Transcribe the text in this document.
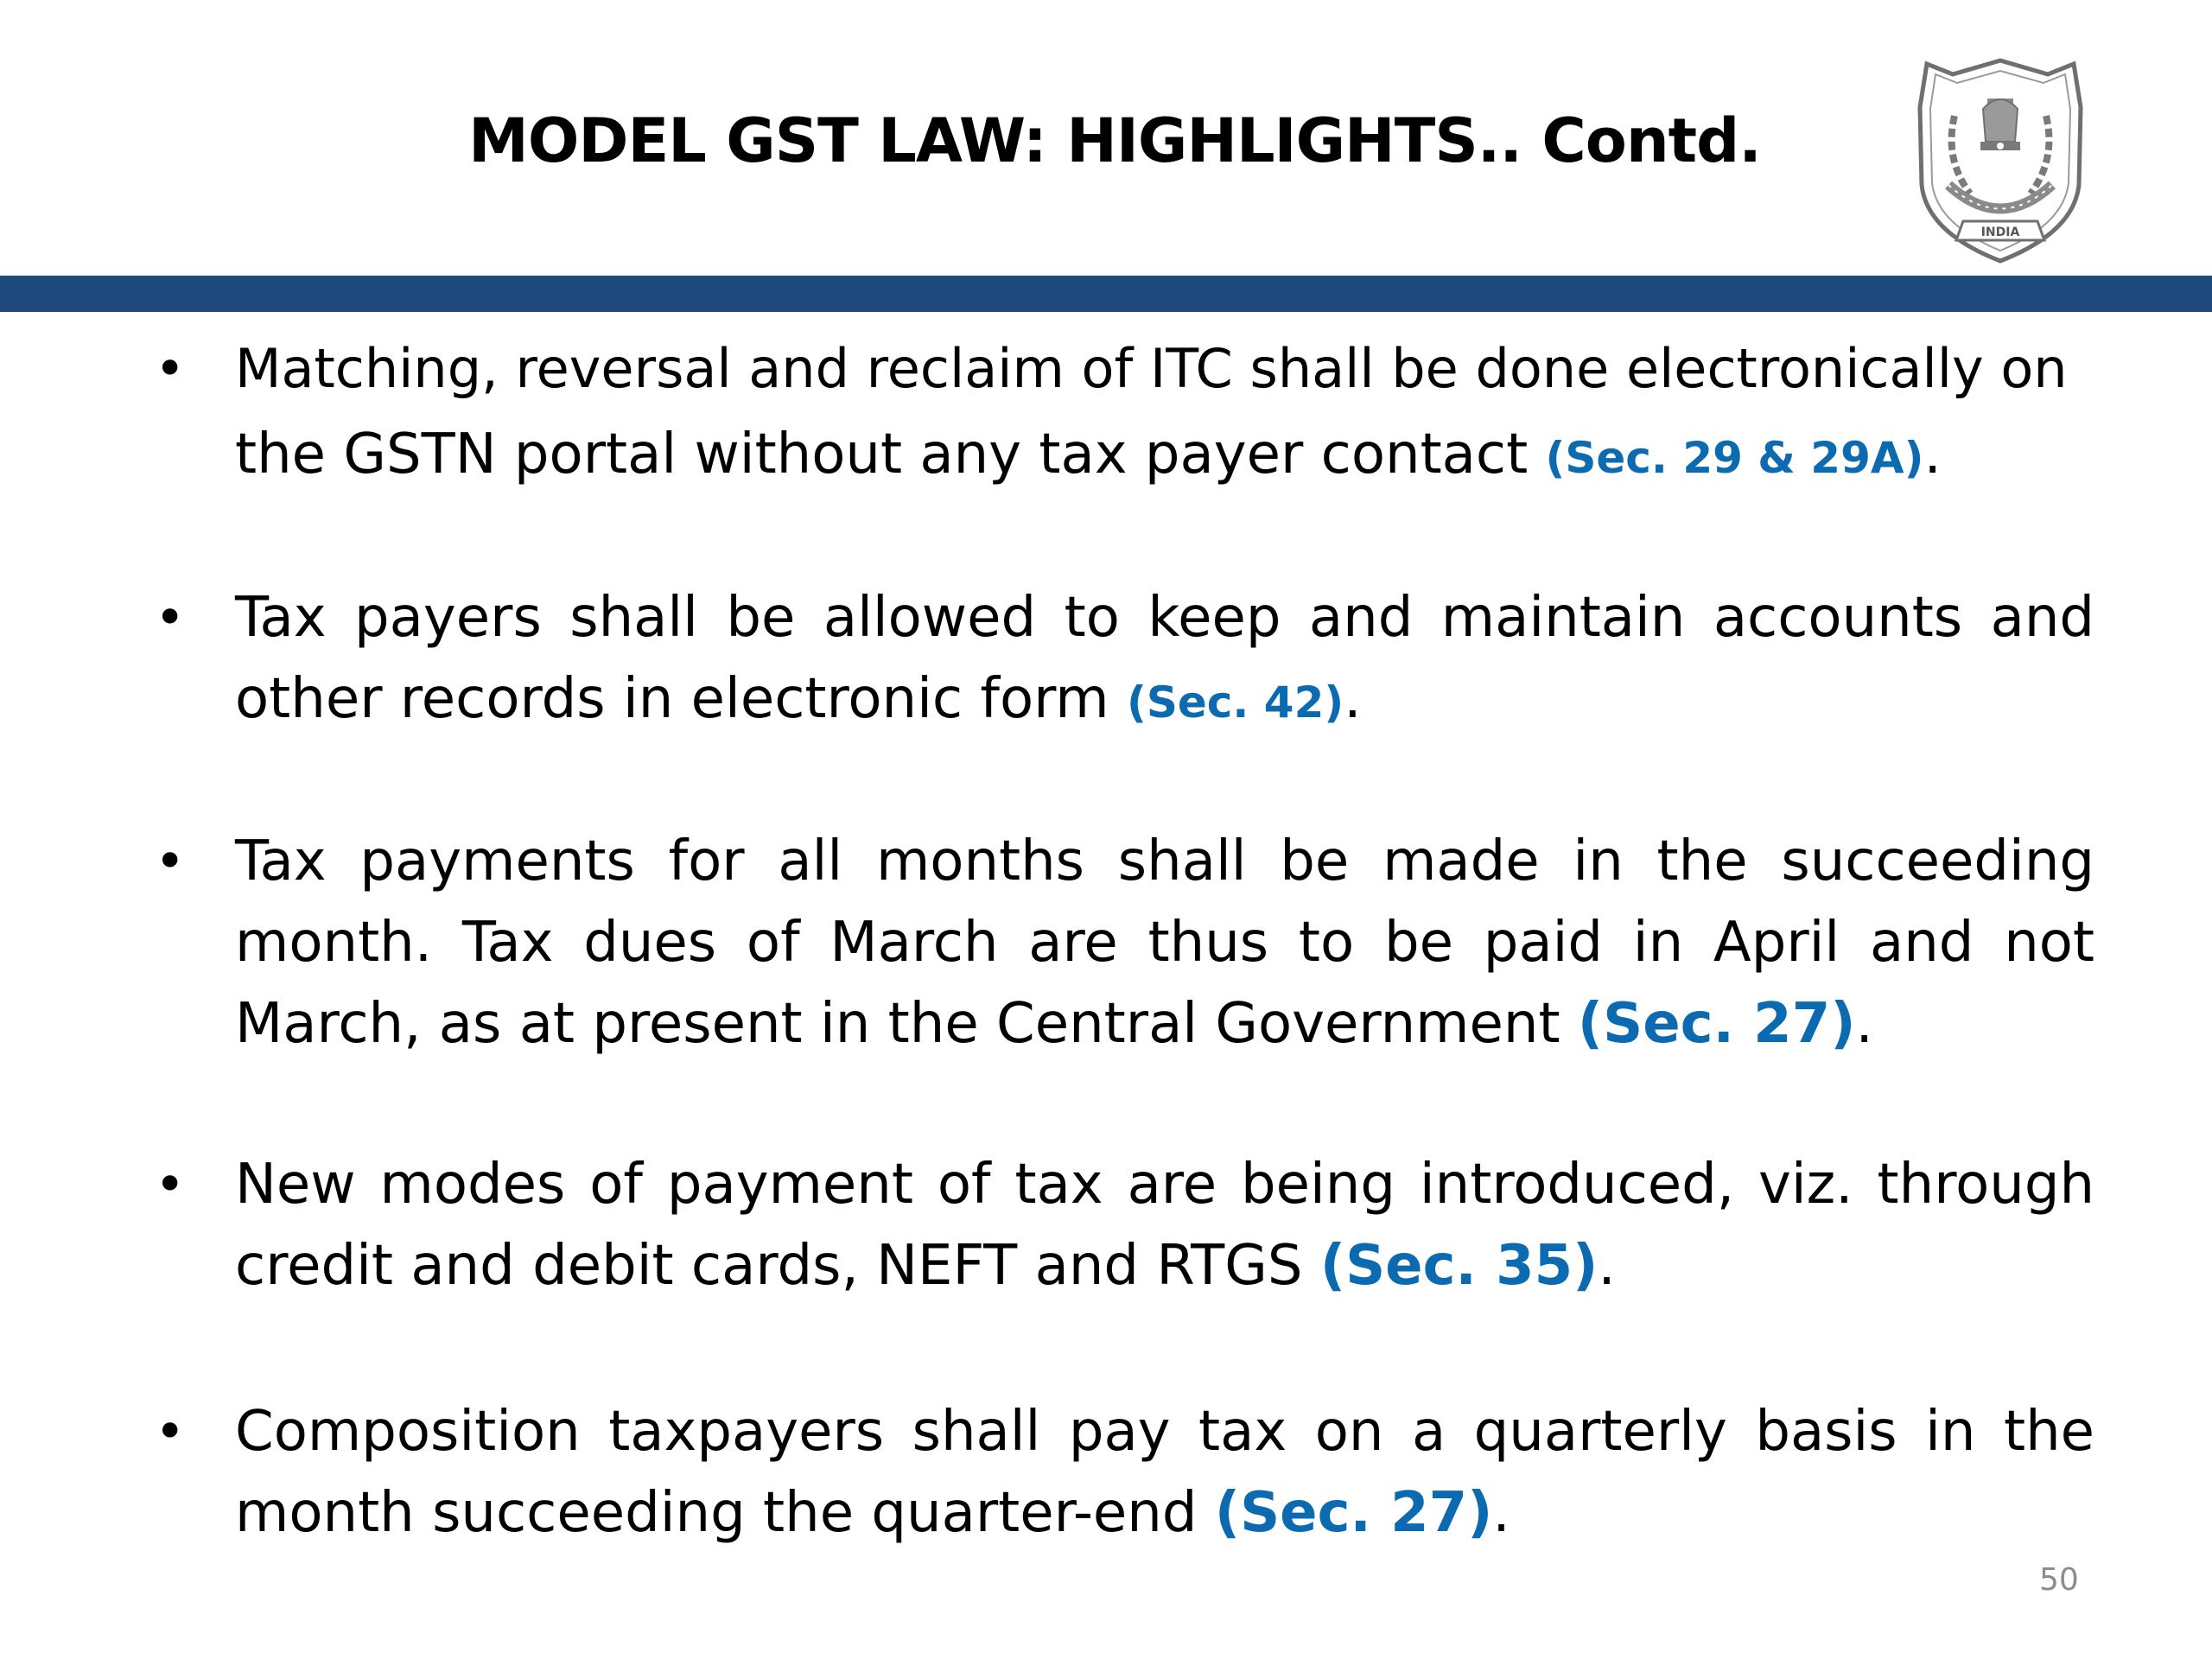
MODEL GST LAW: HIGHLIGHTS.. Contd.
INDIA
• Matching, reversal and reclaim of ITC shall be done electronically on
the GSTN portal without any tax payer contact (Sec. 29 & 29A).
• Tax payers shall be allowed to keep and maintain accounts and
other records in electronic form (Sec. 42).
• Tax payments for all months shall be made in the succeeding
month. Tax dues of March are thus to be paid in April and not
March, as at present in the Central Government (Sec. 27).
• New modes of payment of tax are being introduced, viz. through
credit and debit cards, NEFT and RTGS (Sec. 35).
• Composition taxpayers shall pay tax on a quarterly basis in the
month succeeding the quarter-end (Sec. 27).
50
